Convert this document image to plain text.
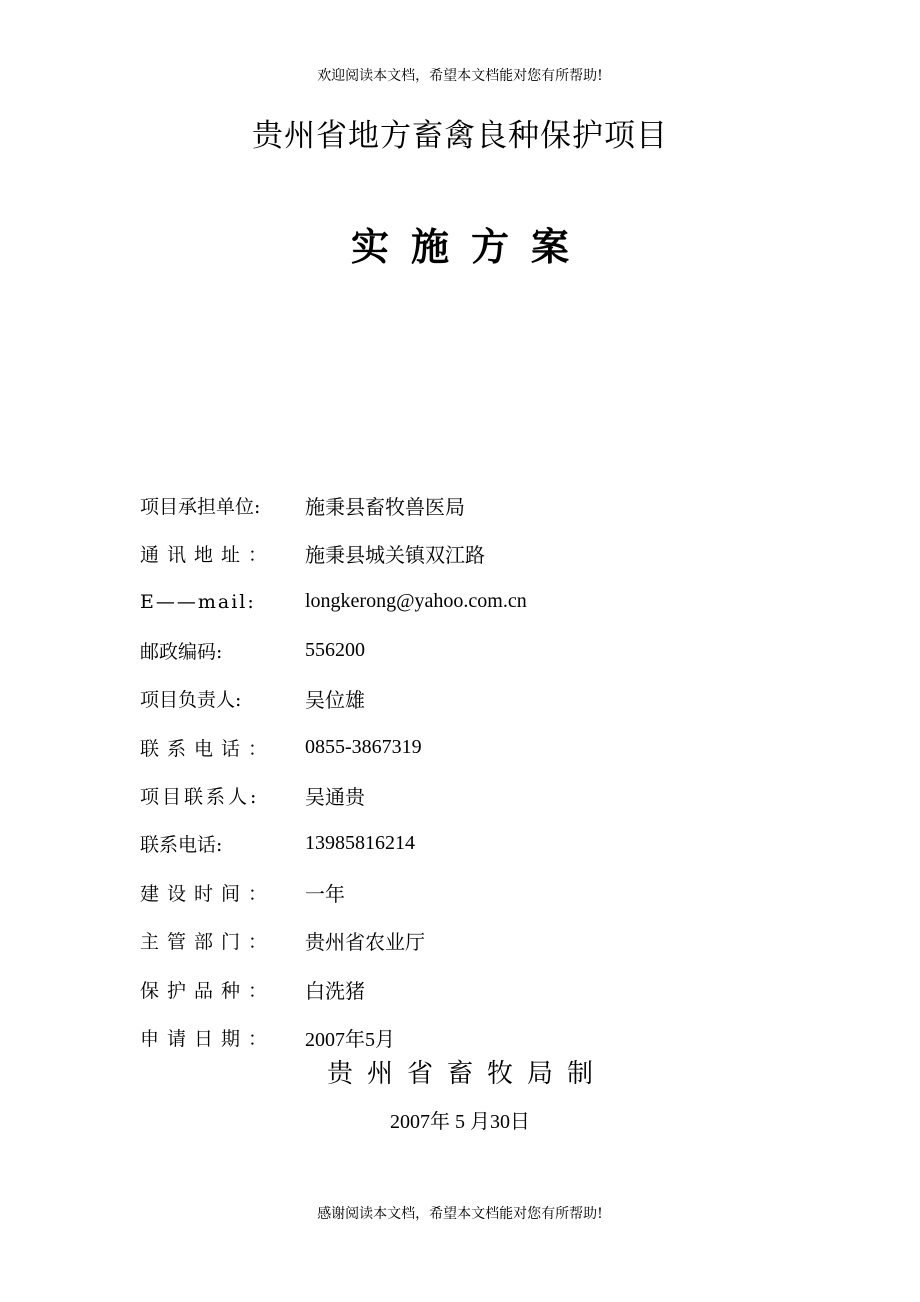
欢迎阅读本文档，希望本文档能对您有所帮助!
贵州省地方畜禽良种保护项目
实施方案
项目承担单位:	施秉县畜牧兽医局
通讯地址：	施秉县城关镇双江路
E——mail:	longkerong@yahoo.com.cn
邮政编码:	556200
项目负责人:	吴位雄
联系电话：	0855-3867319
项目联系人:	吴通贵
联系电话:	13985816214
建设时间：	一年
主管部门：	贵州省农业厅
保护品种：	白洗猪
申请日期：	2007年5月
贵州省畜牧局制
2007年 5 月30日
感谢阅读本文档，希望本文档能对您有所帮助!
